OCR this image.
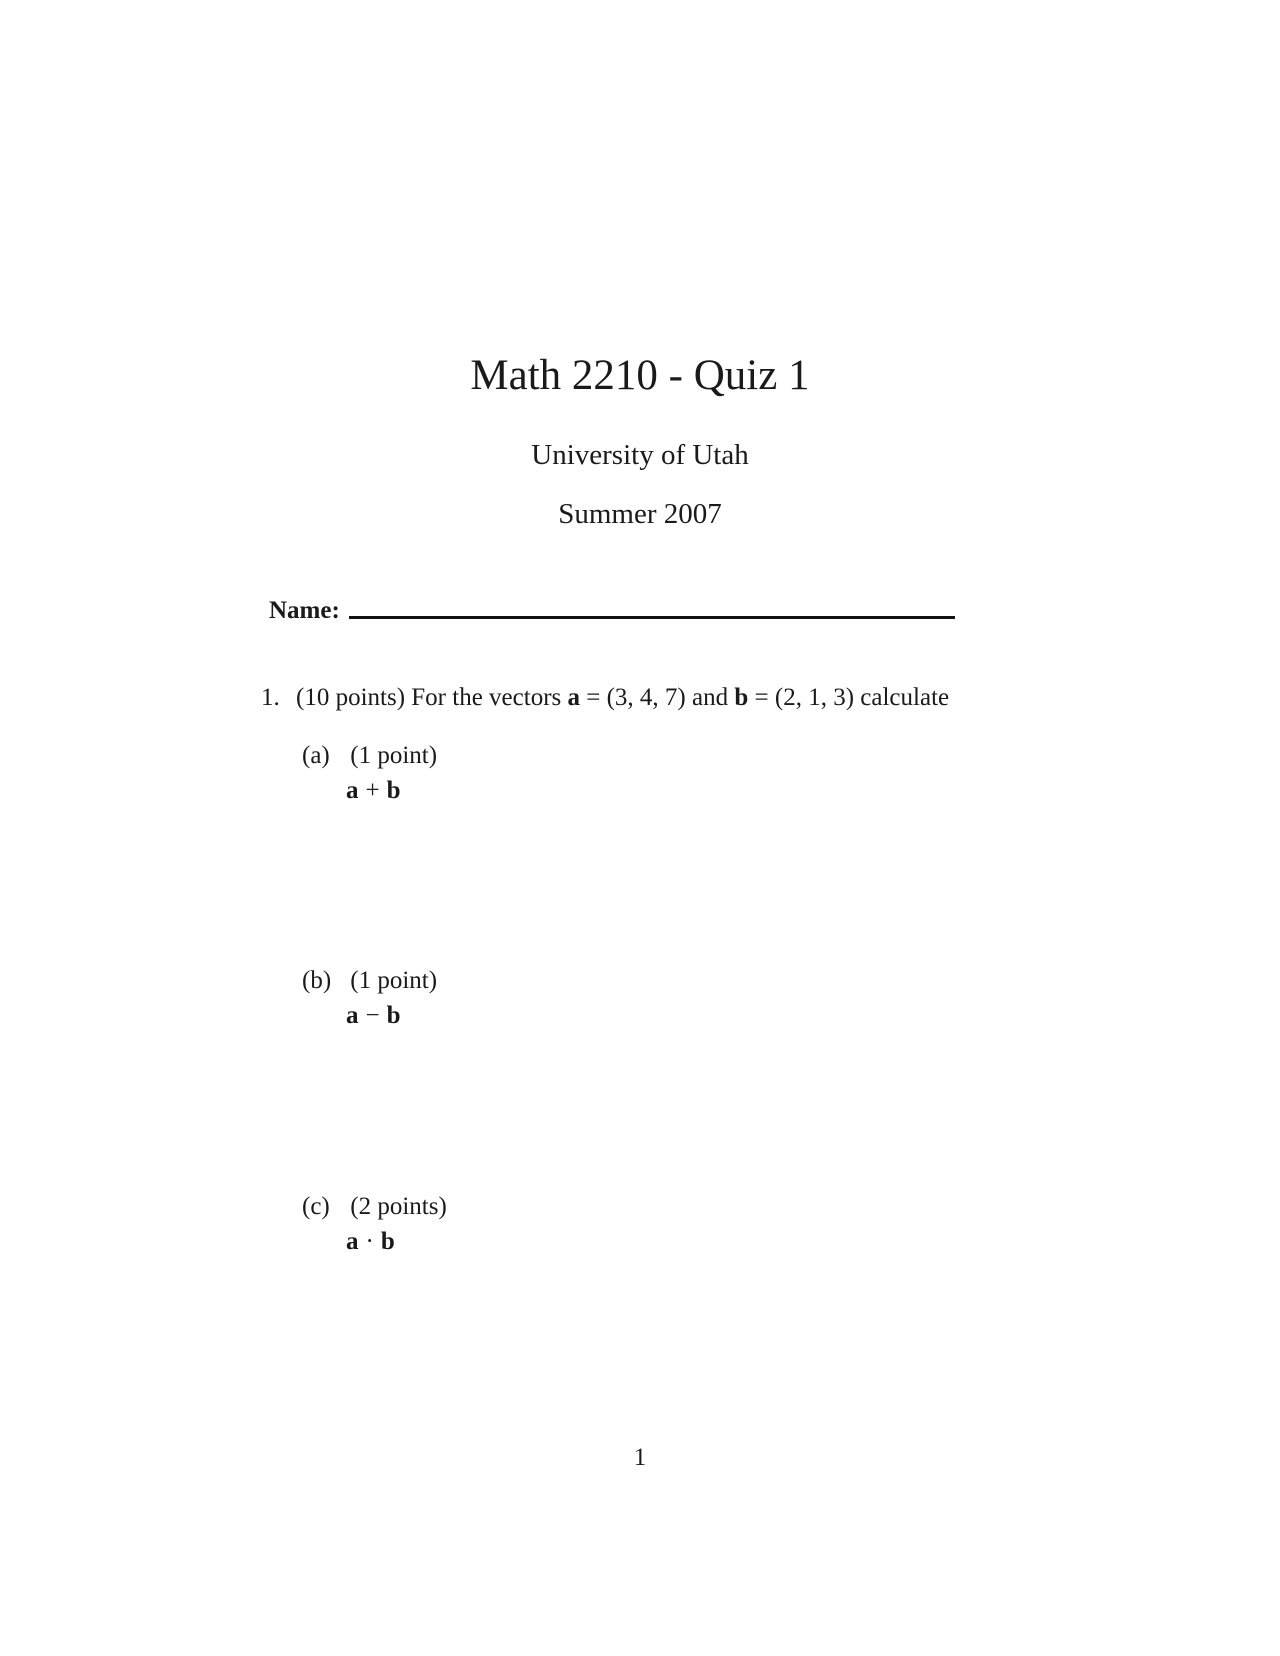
Math 2210 - Quiz 1
University of Utah
Summer 2007
Name:
1. (10 points) For the vectors a = (3, 4, 7) and b = (2, 1, 3) calculate
(a) (1 point)
a + b
(b) (1 point)
a − b
(c) (2 points)
a · b
1
